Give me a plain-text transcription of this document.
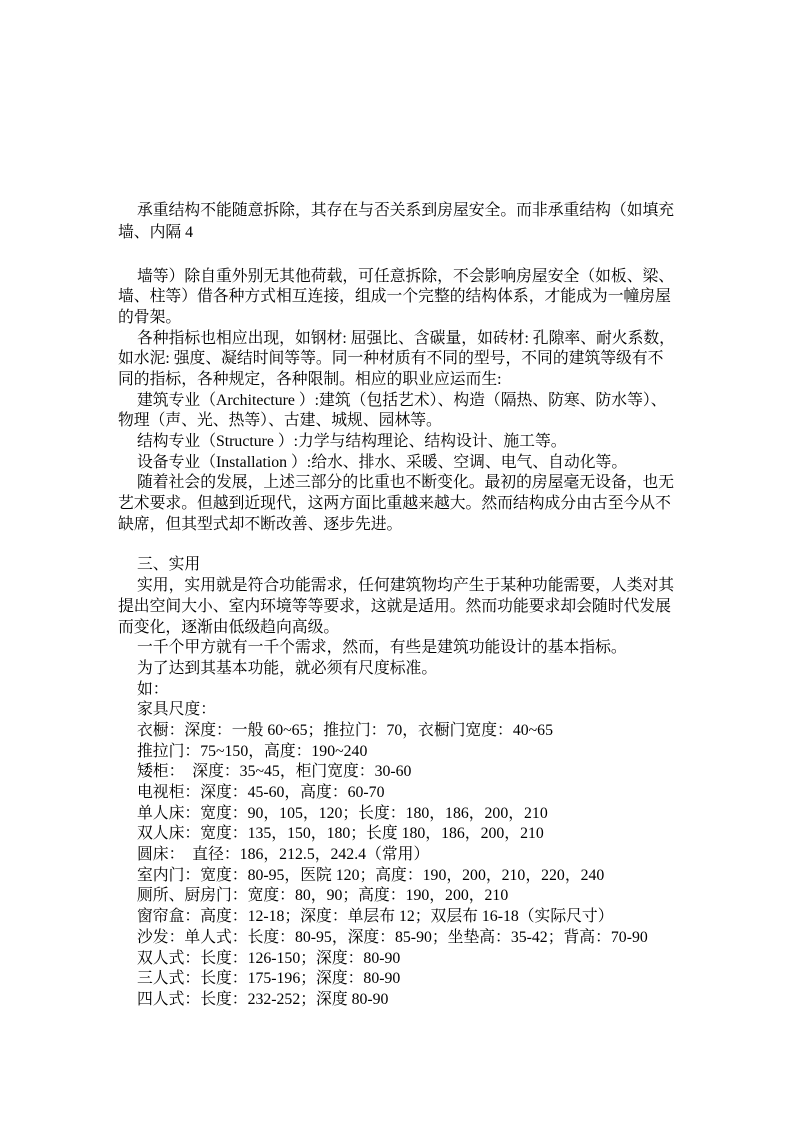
承重结构不能随意拆除，其存在与否关系到房屋安全。而非承重结构（如填充
墙、内隔 4
墙等）除自重外别无其他荷载，可任意拆除，不会影响房屋安全（如板、梁、
墙、柱等）借各种方式相互连接，组成一个完整的结构体系，才能成为一幢房屋
的骨架。
各种指标也相应出现，如钢材: 屈强比、含碳量，如砖材: 孔隙率、耐火系数，
如水泥: 强度、凝结时间等等。同一种材质有不同的型号，不同的建筑等级有不
同的指标，各种规定，各种限制。相应的职业应运而生:
建筑专业（Architecture ）:建筑（包括艺术）、构造（隔热、防寒、防水等）、
物理（声、光、热等）、古建、城规、园林等。
结构专业（Structure ）:力学与结构理论、结构设计、施工等。
设备专业（Installation ）:给水、排水、采暖、空调、电气、自动化等。
随着社会的发展，上述三部分的比重也不断变化。最初的房屋毫无设备，也无
艺术要求。但越到近现代，这两方面比重越来越大。然而结构成分由古至今从不
缺席，但其型式却不断改善、逐步先进。
三、实用
实用，实用就是符合功能需求，任何建筑物均产生于某种功能需要，人类对其
提出空间大小、室内环境等等要求，这就是适用。然而功能要求却会随时代发展
而变化，逐渐由低级趋向高级。
一千个甲方就有一千个需求，然而，有些是建筑功能设计的基本指标。
为了达到其基本功能，就必须有尺度标准。
如：
家具尺度：
衣橱：深度：一般 60~65；推拉门：70，衣橱门宽度：40~65
推拉门：75~150，高度：190~240
矮柜：  深度：35~45，柜门宽度：30-60
电视柜：深度：45-60，高度：60-70
单人床：宽度：90，105，120；长度：180，186，200，210
双人床：宽度：135，150，180；长度 180，186，200，210
圆床：  直径：186，212.5，242.4（常用）
室内门：宽度：80-95，医院 120；高度：190，200，210，220，240
厕所、厨房门：宽度：80，90；高度：190，200，210
窗帘盒：高度：12-18；深度：单层布 12；双层布 16-18（实际尺寸）
沙发：单人式：长度：80-95，深度：85-90；坐垫高：35-42；背高：70-90
双人式：长度：126-150；深度：80-90
三人式：长度：175-196；深度：80-90
四人式：长度：232-252；深度 80-90
